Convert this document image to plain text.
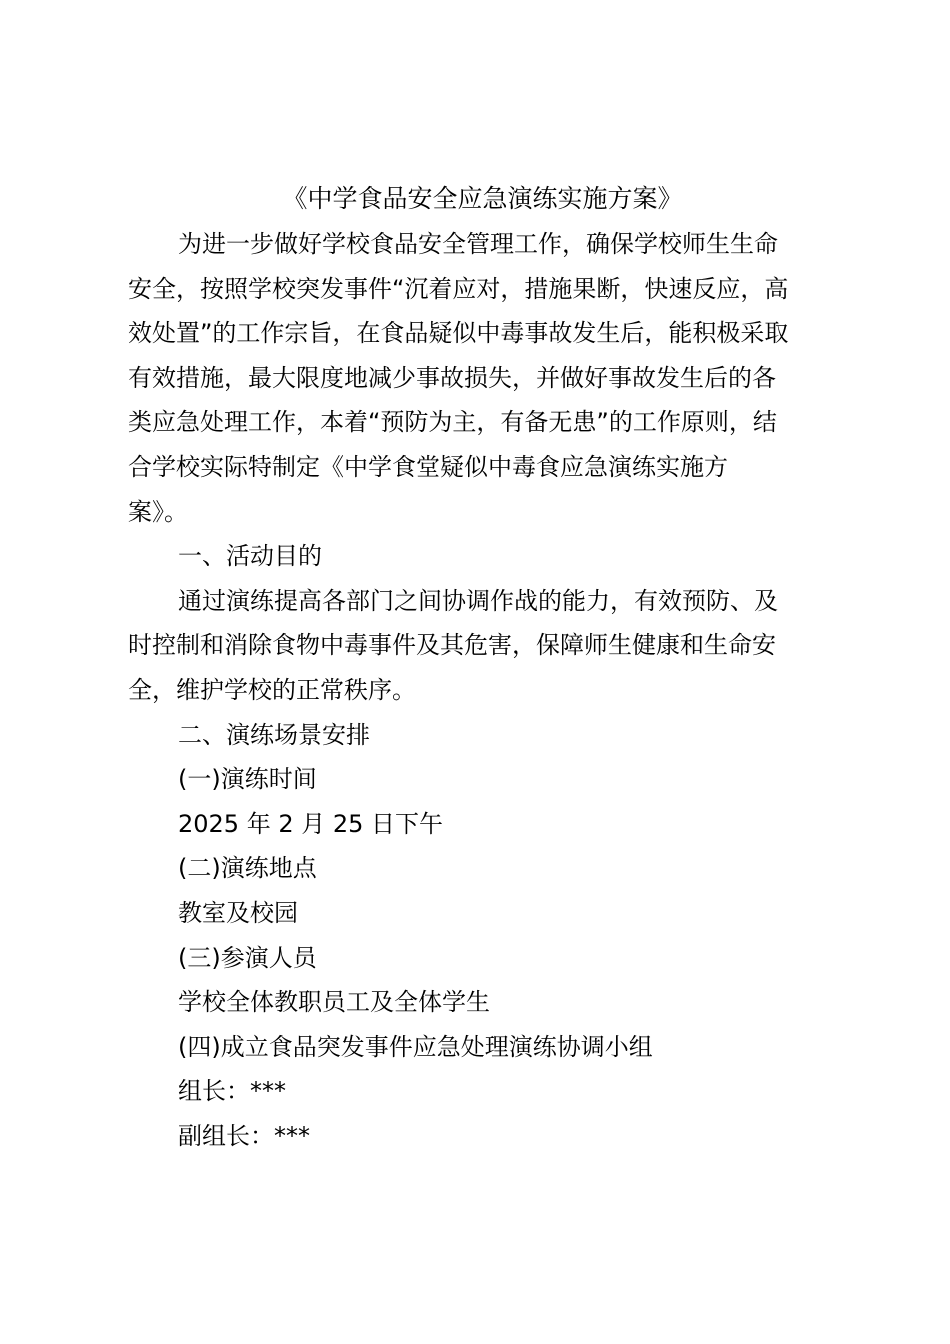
《中学食品安全应急演练实施方案》

为进一步做好学校食品安全管理工作，确保学校师生生命

安全，按照学校突发事件“沉着应对，措施果断，快速反应，高

效处置”的工作宗旨，在食品疑似中毒事故发生后，能积极采取

有效措施，最大限度地减少事故损失，并做好事故发生后的各

类应急处理工作，本着“预防为主，有备无患”的工作原则，结

合学校实际特制定《中学食堂疑似中毒食应急演练实施方

案》。

一、活动目的

通过演练提高各部门之间协调作战的能力，有效预防、及

时控制和消除食物中毒事件及其危害，保障师生健康和生命安

全，维护学校的正常秩序。

二、演练场景安排

(一)演练时间

2025 年 2 月 25 日下午

(二)演练地点

教室及校园

(三)参演人员

学校全体教职员工及全体学生

(四)成立食品突发事件应急处理演练协调小组

组长：***

副组长：***
